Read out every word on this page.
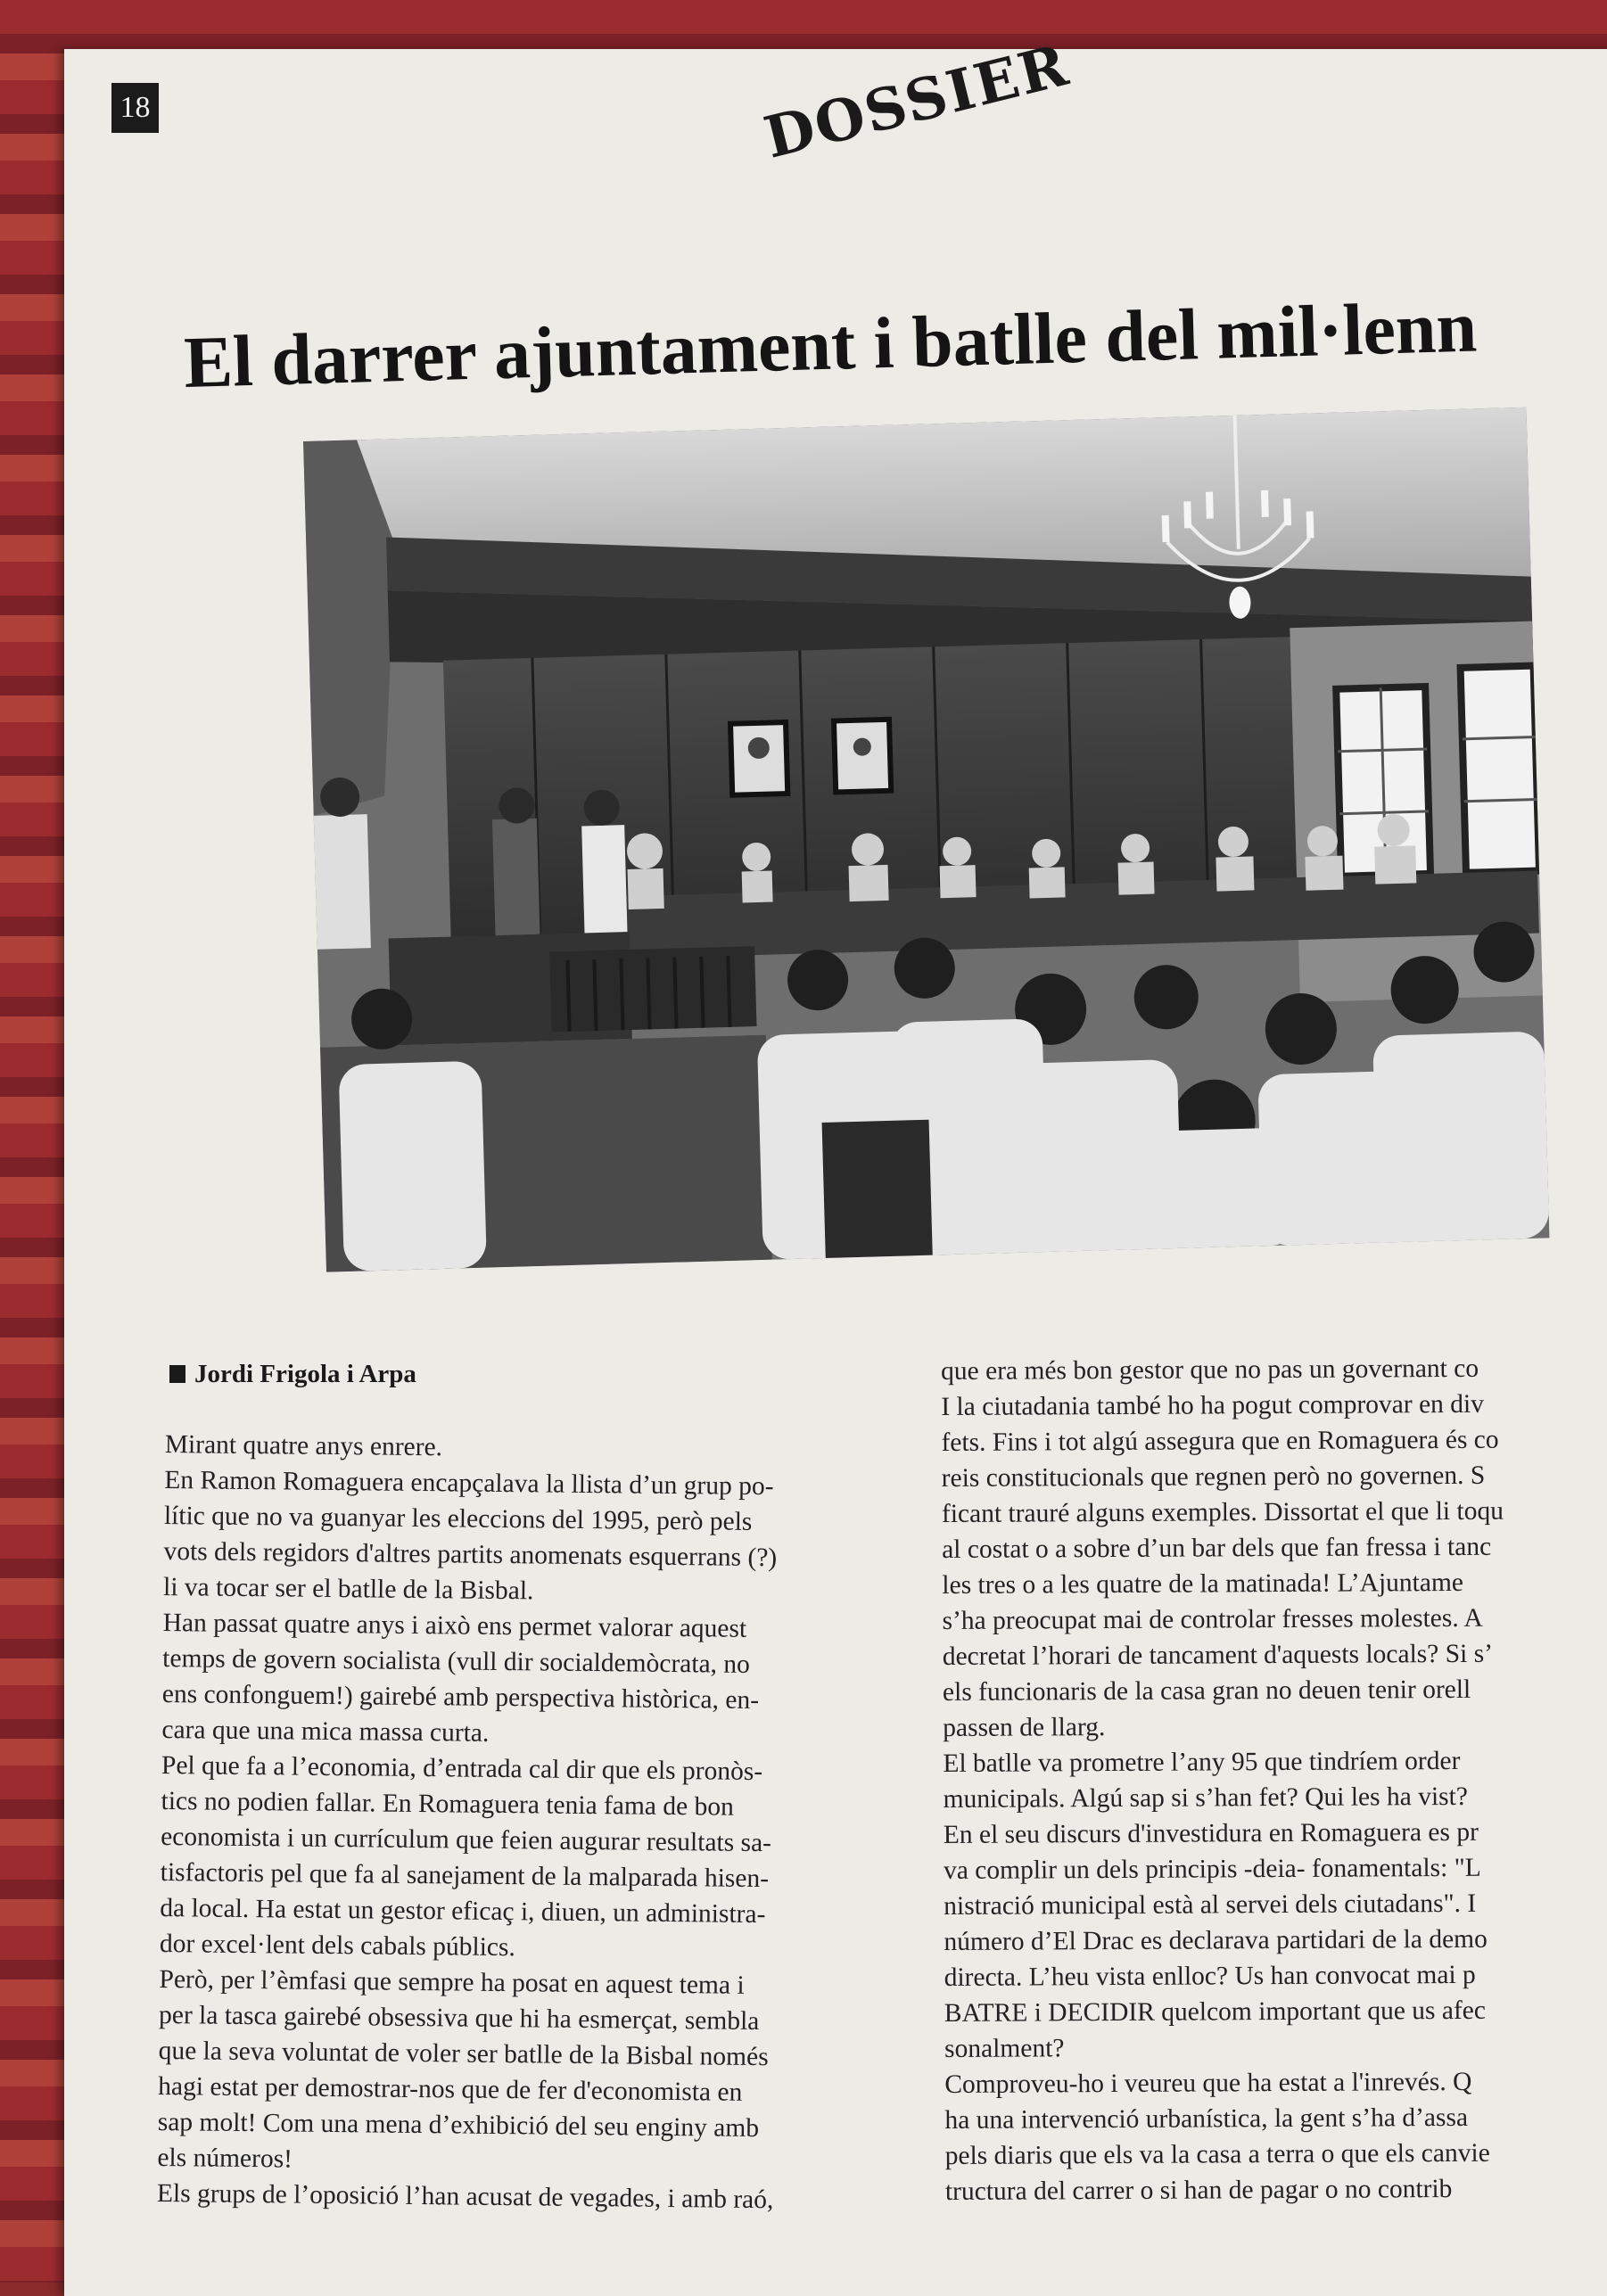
18	DOSSIER
El darrer ajuntament i batlle del mil·lenn
Jordi Frigola i Arpa

Mirant quatre anys enrere.

En Ramon Romaguera encapçalava la llista d’un grup po-

lític que no va guanyar les eleccions del 1995, però pels

vots dels regidors d'altres partits anomenats esquerrans (?)

li va tocar ser el batlle de la Bisbal.

Han passat quatre anys i això ens permet valorar aquest

temps de govern socialista (vull dir socialdemòcrata, no

ens confonguem!) gairebé amb perspectiva històrica, en-

cara que una mica massa curta.

Pel que fa a l’economia, d’entrada cal dir que els pronòs-

tics no podien fallar. En Romaguera tenia fama de bon

economista i un currículum que feien augurar resultats sa-

tisfactoris pel que fa al sanejament de la malparada hisen-

da local. Ha estat un gestor eficaç i, diuen, un administra-

dor excel·lent dels cabals públics.

Però, per l’èmfasi que sempre ha posat en aquest tema i

per la tasca gairebé obsessiva que hi ha esmerçat, sembla

que la seva voluntat de voler ser batlle de la Bisbal només

hagi estat per demostrar-nos que de fer d'economista en

sap molt! Com una mena d’exhibició del seu enginy amb

els números!

Els grups de l’oposició l’han acusat de vegades, i amb raó,

que era més bon gestor que no pas un governant co

I la ciutadania també ho ha pogut comprovar en div

fets. Fins i tot algú assegura que en Romaguera és co

reis constitucionals que regnen però no governen. S

ficant trauré alguns exemples. Dissortat el que li toqu

al costat o a sobre d’un bar dels que fan fressa i tanc

les tres o a les quatre de la matinada! L’Ajuntame

s’ha preocupat mai de controlar fresses molestes. A

decretat l’horari de tancament d'aquests locals? Si s’

els funcionaris de la casa gran no deuen tenir orell

passen de llarg.

El batlle va prometre l’any 95 que tindríem order

municipals. Algú sap si s’han fet? Qui les ha vist?

En el seu discurs d'investidura en Romaguera es pr

va complir un dels principis -deia- fonamentals: "L

nistració municipal està al servei dels ciutadans". I

número d’El Drac es declarava partidari de la demo

directa. L’heu vista enlloc? Us han convocat mai p

BATRE i DECIDIR quelcom important que us afec

sonalment?

Comproveu-ho i veureu que ha estat a l'inrevés. Q

ha una intervenció urbanística, la gent s’ha d’assa

pels diaris que els va la casa a terra o que els canvie

tructura del carrer o si han de pagar o no contrib
